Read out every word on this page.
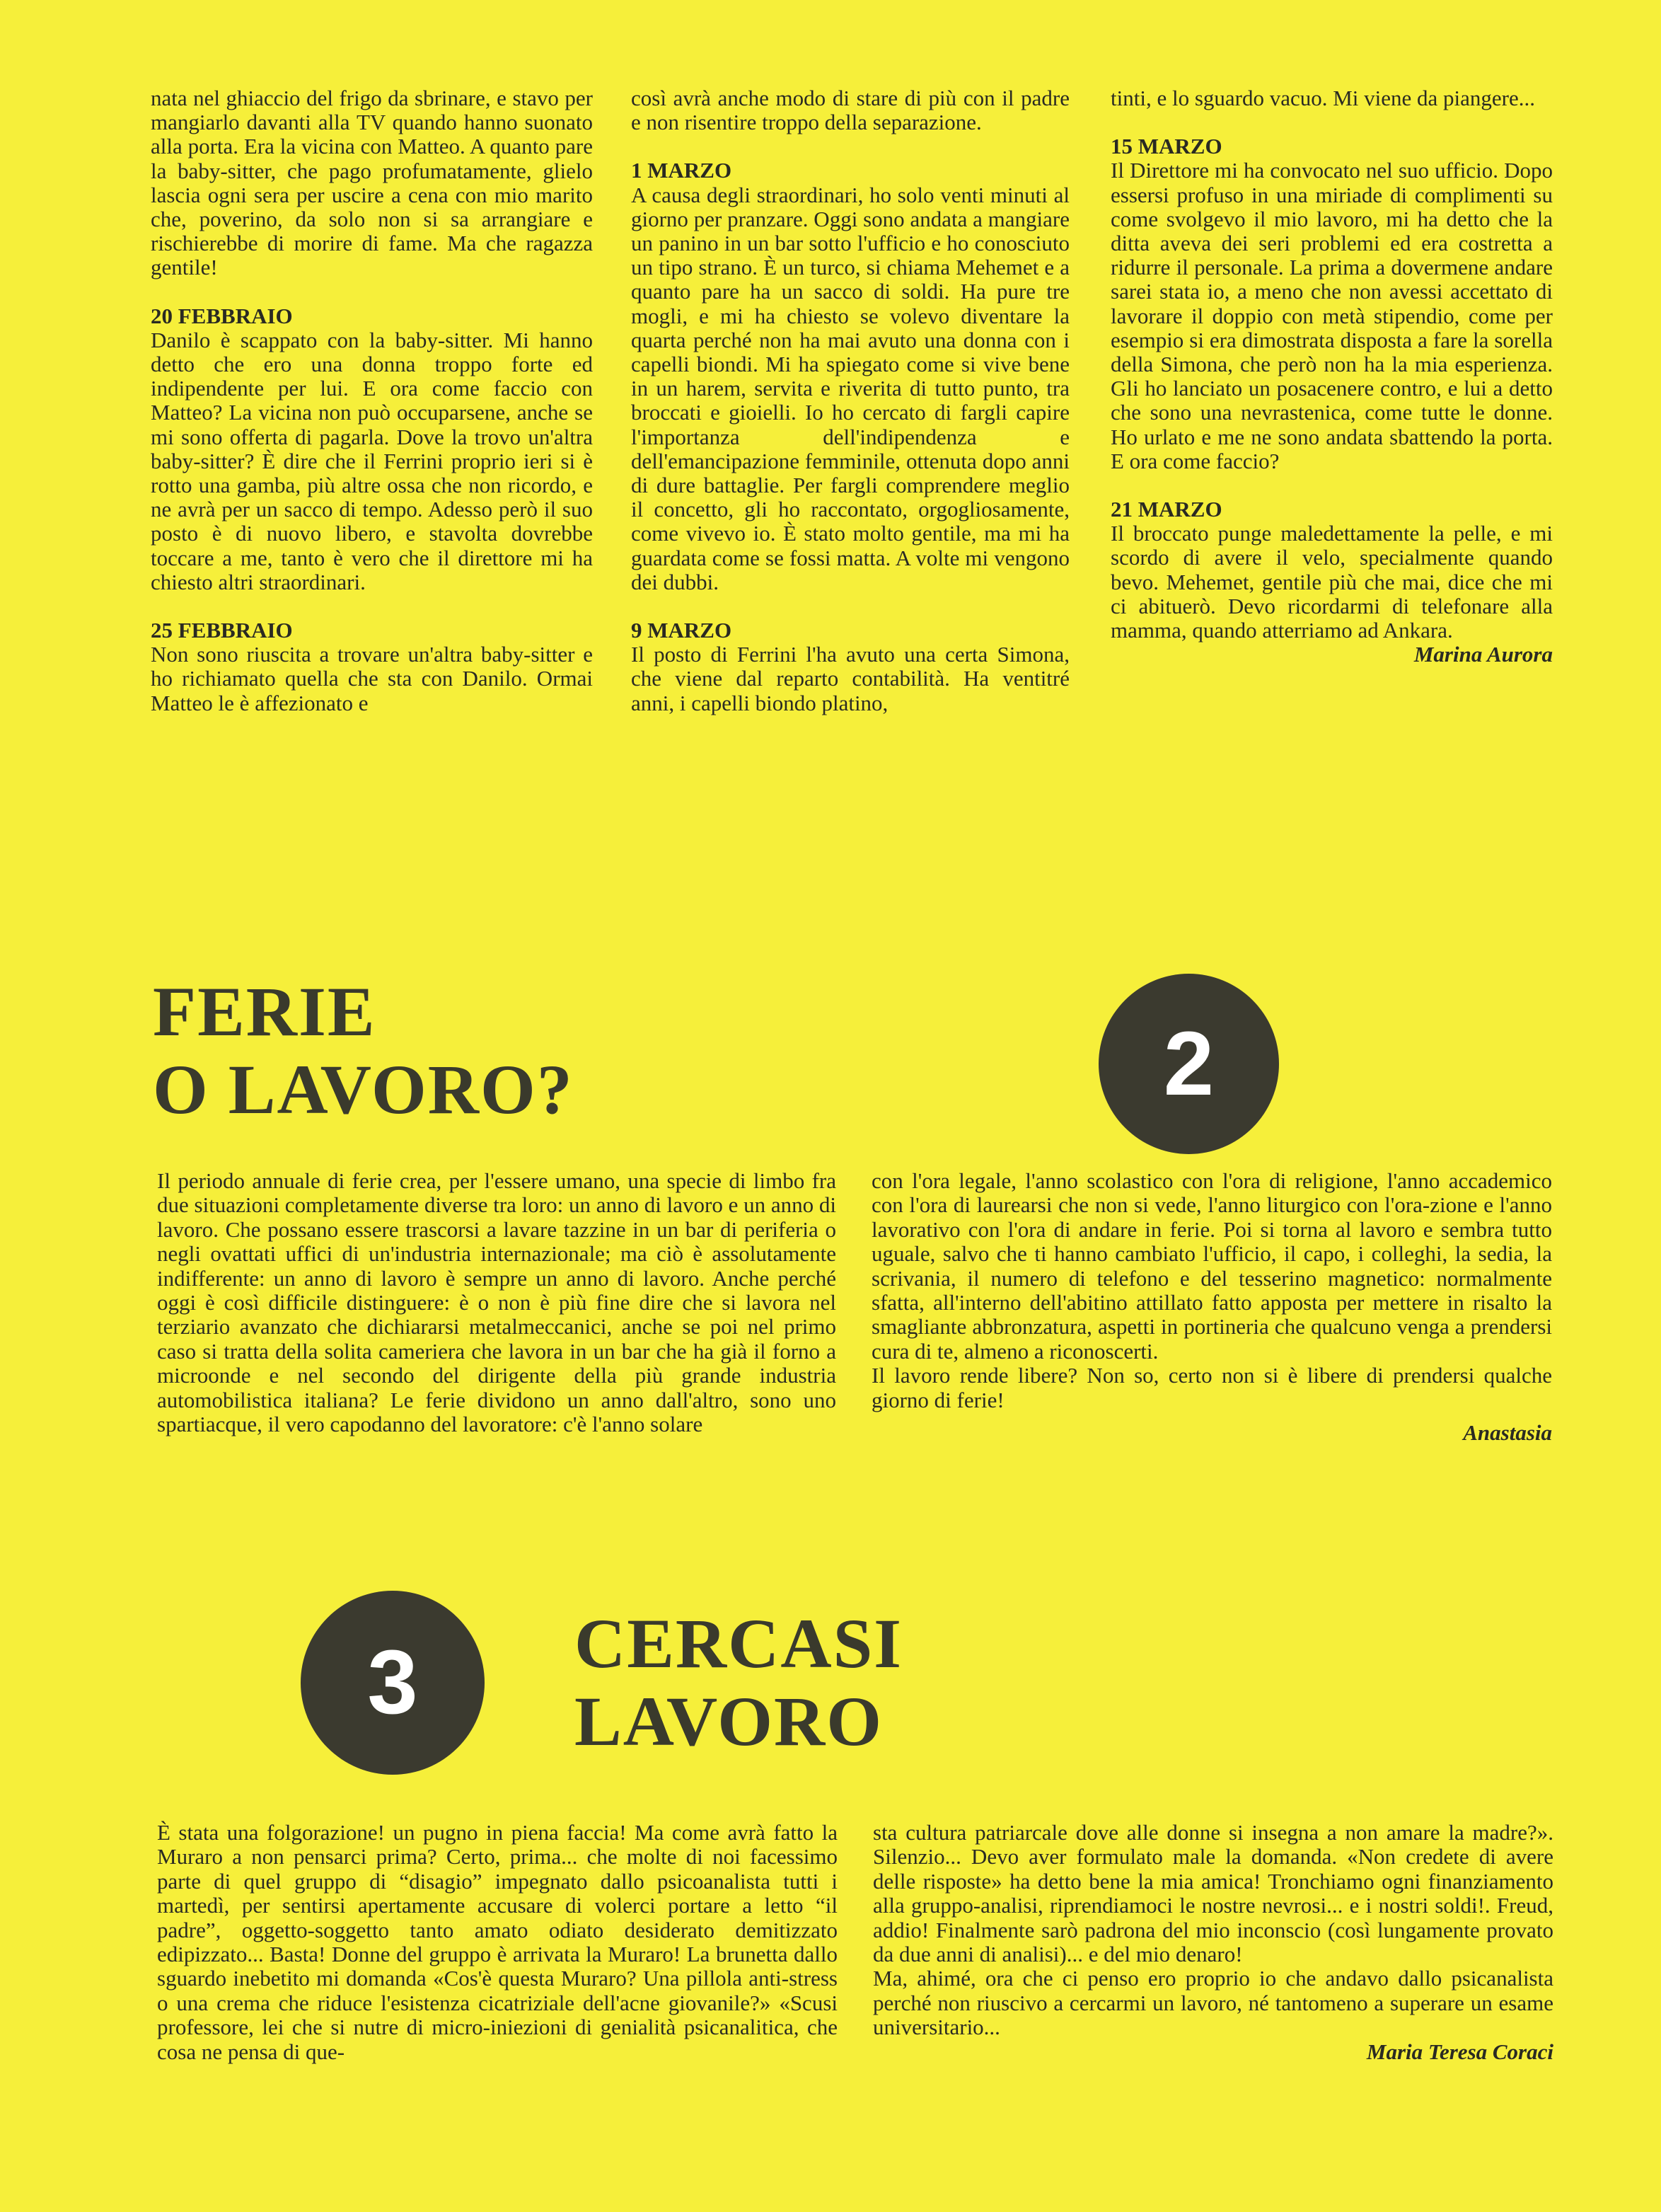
nata nel ghiaccio del frigo da sbrinare, e stavo per mangiarlo davanti alla TV quando hanno suonato alla porta. Era la vicina con Matteo. A quanto pare la baby-sitter, che pago profumatamente, glielo lascia ogni sera per uscire a cena con mio marito che, poverino, da solo non si sa arrangiare e rischierebbe di morire di fame. Ma che ragazza gentile!

20 FEBBRAIO

Danilo è scappato con la baby-sitter. Mi hanno detto che ero una donna troppo forte ed indipendente per lui. E ora come faccio con Matteo? La vicina non può occuparsene, anche se mi sono offerta di pagarla. Dove la trovo un'altra baby-sitter? È dire che il Ferrini proprio ieri si è rotto una gamba, più altre ossa che non ricordo, e ne avrà per un sacco di tempo. Adesso però il suo posto è di nuovo libero, e stavolta dovrebbe toccare a me, tanto è vero che il direttore mi ha chiesto altri straordinari.

25 FEBBRAIO

Non sono riuscita a trovare un'altra baby-sitter e ho richiamato quella che sta con Danilo. Ormai Matteo le è affezionato e

così avrà anche modo di stare di più con il padre e non risentire troppo della separazione.

1 MARZO

A causa degli straordinari, ho solo venti minuti al giorno per pranzare. Oggi sono andata a mangiare un panino in un bar sotto l'ufficio e ho conosciuto un tipo strano. È un turco, si chiama Mehemet e a quanto pare ha un sacco di soldi. Ha pure tre mogli, e mi ha chiesto se volevo diventare la quarta perché non ha mai avuto una donna con i capelli biondi. Mi ha spiegato come si vive bene in un harem, servita e riverita di tutto punto, tra broccati e gioielli. Io ho cercato di fargli capire l'importanza dell'indipendenza e dell'emancipazione femminile, ottenuta dopo anni di dure battaglie. Per fargli comprendere meglio il concetto, gli ho raccontato, orgogliosamente, come vivevo io. È stato molto gentile, ma mi ha guardata come se fossi matta. A volte mi vengono dei dubbi.

9 MARZO

Il posto di Ferrini l'ha avuto una certa Simona, che viene dal reparto contabilità. Ha ventitré anni, i capelli biondo platino,

tinti, e lo sguardo vacuo. Mi viene da piangere...

15 MARZO

Il Direttore mi ha convocato nel suo ufficio. Dopo essersi profuso in una miriade di complimenti su come svolgevo il mio lavoro, mi ha detto che la ditta aveva dei seri problemi ed era costretta a ridurre il personale. La prima a dovermene andare sarei stata io, a meno che non avessi accettato di lavorare il doppio con metà stipendio, come per esempio si era dimostrata disposta a fare la sorella della Simona, che però non ha la mia esperienza. Gli ho lanciato un posacenere contro, e lui a detto che sono una nevrastenica, come tutte le donne. Ho urlato e me ne sono andata sbattendo la porta. E ora come faccio?

21 MARZO

Il broccato punge maledettamente la pelle, e mi scordo di avere il velo, specialmente quando bevo. Mehemet, gentile più che mai, dice che mi ci abituerò. Devo ricordarmi di telefonare alla mamma, quando atterriamo ad Ankara.

Marina Aurora

FERIE
O LAVORO?	2

Il periodo annuale di ferie crea, per l'essere umano, una specie di limbo fra due situazioni completamente diverse tra loro: un anno di lavoro e un anno di lavoro. Che possano essere trascorsi a lavare tazzine in un bar di periferia o negli ovattati uffici di un'industria internazionale; ma ciò è assolutamente indifferente: un anno di lavoro è sempre un anno di lavoro. Anche perché oggi è così difficile distinguere: è o non è più fine dire che si lavora nel terziario avanzato che dichiararsi metalmeccanici, anche se poi nel primo caso si tratta della solita cameriera che lavora in un bar che ha già il forno a microonde e nel secondo del dirigente della più grande industria automobilistica italiana? Le ferie dividono un anno dall'altro, sono uno spartiacque, il vero capodanno del lavoratore: c'è l'anno solare

con l'ora legale, l'anno scolastico con l'ora di religione, l'anno accademico con l'ora di laurearsi che non si vede, l'anno liturgico con l'ora-zione e l'anno lavorativo con l'ora di andare in ferie. Poi si torna al lavoro e sembra tutto uguale, salvo che ti hanno cambiato l'ufficio, il capo, i colleghi, la sedia, la scrivania, il numero di telefono e del tesserino magnetico: normalmente sfatta, all'interno dell'abitino attillato fatto apposta per mettere in risalto la smagliante abbronzatura, aspetti in portineria che qualcuno venga a prendersi cura di te, almeno a riconoscerti.

Il lavoro rende libere? Non so, certo non si è libere di prendersi qualche giorno di ferie!

Anastasia

3 CERCASI
LAVORO

È stata una folgorazione! un pugno in piena faccia! Ma come avrà fatto la Muraro a non pensarci prima? Certo, prima... che molte di noi facessimo parte di quel gruppo di “disagio” impegnato dallo psicoanalista tutti i martedì, per sentirsi apertamente accusare di volerci portare a letto “il padre”, oggetto-soggetto tanto amato odiato desiderato demitizzato edipizzato... Basta! Donne del gruppo è arrivata la Muraro! La brunetta dallo sguardo inebetito mi domanda «Cos'è questa Muraro? Una pillola anti-stress o una crema che riduce l'esistenza cicatriziale dell'acne giovanile?» «Scusi professore, lei che si nutre di micro-iniezioni di genialità psicanalitica, che cosa ne pensa di que-

sta cultura patriarcale dove alle donne si insegna a non amare la madre?». Silenzio... Devo aver formulato male la domanda. «Non credete di avere delle risposte» ha detto bene la mia amica! Tronchiamo ogni finanziamento alla gruppo-analisi, riprendiamoci le nostre nevrosi... e i nostri soldi!. Freud, addio! Finalmente sarò padrona del mio inconscio (così lungamente provato da due anni di analisi)... e del mio denaro!

Ma, ahimé, ora che ci penso ero proprio io che andavo dallo psicanalista perché non riuscivo a cercarmi un lavoro, né tantomeno a superare un esame universitario...

Maria Teresa Coraci
